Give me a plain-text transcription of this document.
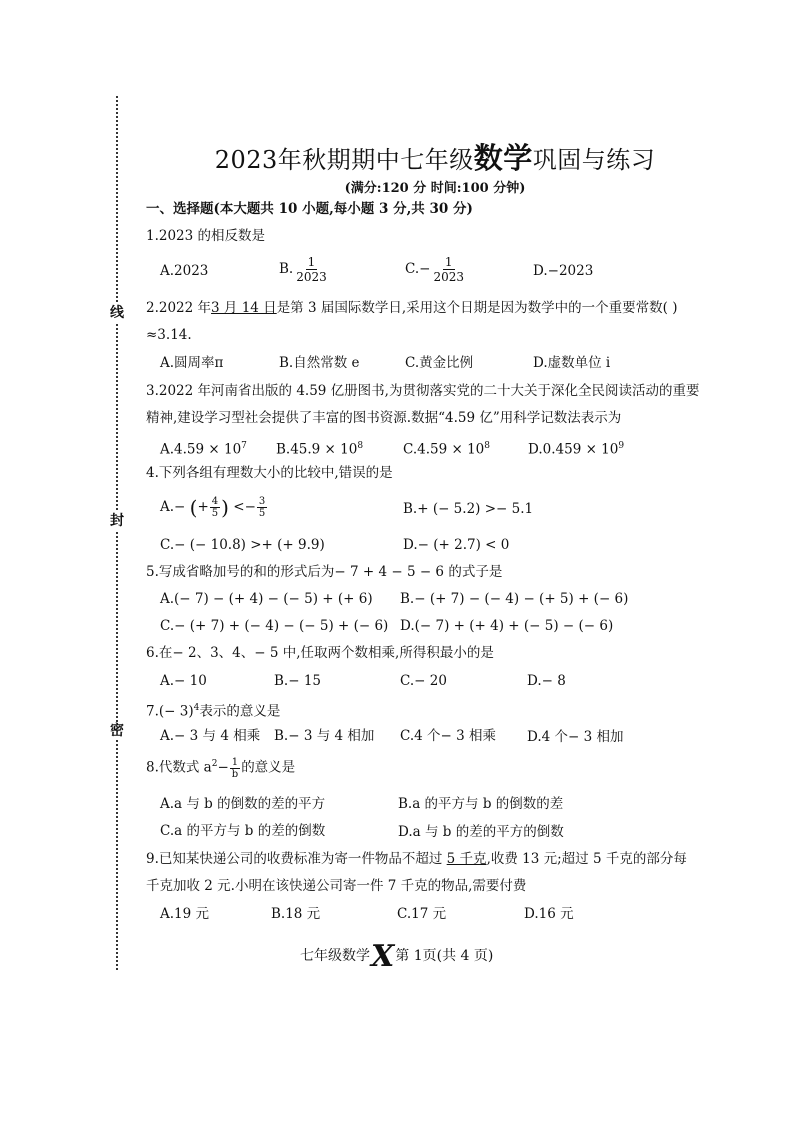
线
封
密
2023年秋期期中七年级数学巩固与练习
(满分:120 分 时间:100 分钟)
一、选择题(本大题共 10 小题,每小题 3 分,共 30 分)
1.2023 的相反数是
A.2023	B. $\frac{1}{2023}$	$C.- \frac{1}{2023}$	D.−2023
2.2022 年3 月 14 日是第 3 届国际数学日,采用这个日期是因为数学中的一个重要常数( )
≈3.14.
A.圆周率π	B.自然常数 e	C.黄金比例	D.虚数单位 i
3.2022 年河南省出版的 4.59 亿册图书,为贯彻落实党的二十大关于深化全民阅读活动的重要
精神,建设学习型社会提供了丰富的图书资源.数据“4.59 亿”用科学记数法表示为
$A.4.59 \times 10^7$ $B.45.9 \times 10^8$	$C.4.59 \times 10^8$	$D.0.459 \times 10^9$
4.下列各组有理数大小的比较中,错误的是
A.− (+ $\frac{4}{5}$ ) <− $\frac{3}{5}$	B.+ (− 5.2) >− 5.1
C.− (− 10.8) >+ (+ 9.9)	D.− (+ 2.7) < 0
5.写成省略加号的和的形式后为− 7 + 4 − 5 − 6 的式子是
A.(− 7) − (+ 4) − (− 5) + (+ 6) B.− (+ 7) − (− 4) − (+ 5) + (− 6)
C.− (+ 7) + (− 4) − (− 5) + (− 6) D.(− 7) + (+ 4) + (− 5) − (− 6)
6.在− 2、3、4、− 5 中,任取两个数相乘,所得积最小的是
A.− 10	B.− 15	C.− 20	D.− 8
$7.(- 3)^4$表示的意义是
A.− 3 与 4 相乘 B.− 3 与 4 相加 C.4 个− 3 相乘 D.4 个− 3 相加
8.代数式 $a^2- \frac{1}{b}$ 的意义是
A.a 与 b 的倒数的差的平方	B.a 的平方与 b 的倒数的差
C.a 的平方与 b 的差的倒数	D.a 与 b 的差的平方的倒数
9.已知某快递公司的收费标准为寄一件物品不超过 5 千克,收费 13 元;超过 5 千克的部分每
千克加收 2 元.小明在该快递公司寄一件 7 千克的物品,需要付费
A.19 元	B.18 元	C.17 元	D.16 元
七年级数学X第 1页(共 4 页)
